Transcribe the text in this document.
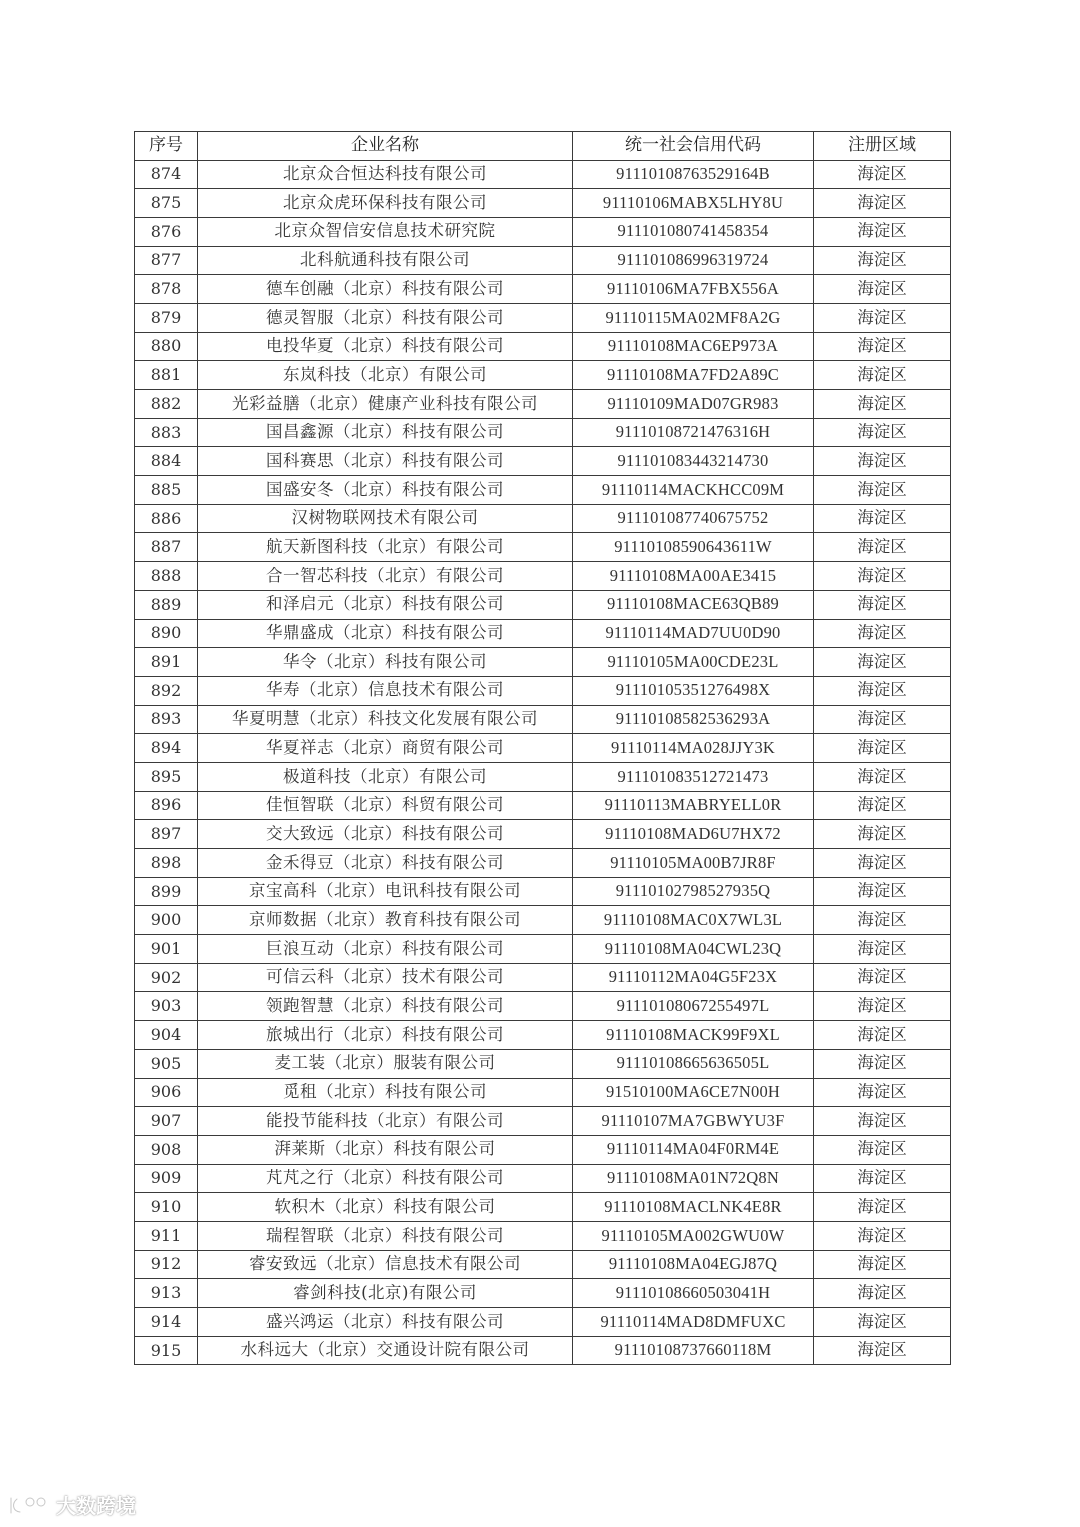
序号	企业名称	统一社会信用代码	注册区域
874	北京众合恒达科技有限公司	91110108763529164B	海淀区
875	北京众虎环保科技有限公司	91110106MABX5LHY8U	海淀区
876	北京众智信安信息技术研究院	911101080741458354	海淀区
877	北科航通科技有限公司	911101086996319724	海淀区
878	德车创融（北京）科技有限公司	91110106MA7FBX556A	海淀区
879	德灵智服（北京）科技有限公司	91110115MA02MF8A2G	海淀区
880	电投华夏（北京）科技有限公司	91110108MAC6EP973A	海淀区
881	东岚科技（北京）有限公司	91110108MA7FD2A89C	海淀区
882	光彩益膳（北京）健康产业科技有限公司	91110109MAD07GR983	海淀区
883	国昌鑫源（北京）科技有限公司	91110108721476316H	海淀区
884	国科赛思（北京）科技有限公司	911101083443214730	海淀区
885	国盛安冬（北京）科技有限公司	91110114MACKHCC09M	海淀区
886	汉树物联网技术有限公司	911101087740675752	海淀区
887	航天新图科技（北京）有限公司	91110108590643611W	海淀区
888	合一智芯科技（北京）有限公司	91110108MA00AE3415	海淀区
889	和泽启元（北京）科技有限公司	91110108MACE63QB89	海淀区
890	华鼎盛成（北京）科技有限公司	91110114MAD7UU0D90	海淀区
891	华令（北京）科技有限公司	91110105MA00CDE23L	海淀区
892	华寿（北京）信息技术有限公司	91110105351276498X	海淀区
893	华夏明慧（北京）科技文化发展有限公司	91110108582536293A	海淀区
894	华夏祥志（北京）商贸有限公司	91110114MA028JJY3K	海淀区
895	极道科技（北京）有限公司	911101083512721473	海淀区
896	佳恒智联（北京）科贸有限公司	91110113MABRYELL0R	海淀区
897	交大致远（北京）科技有限公司	91110108MAD6U7HX72	海淀区
898	金禾得豆（北京）科技有限公司	91110105MA00B7JR8F	海淀区
899	京宝高科（北京）电讯科技有限公司	91110102798527935Q	海淀区
900	京师数据（北京）教育科技有限公司	91110108MAC0X7WL3L	海淀区
901	巨浪互动（北京）科技有限公司	91110108MA04CWL23Q	海淀区
902	可信云科（北京）技术有限公司	91110112MA04G5F23X	海淀区
903	领跑智慧（北京）科技有限公司	91110108067255497L	海淀区
904	旅城出行（北京）科技有限公司	91110108MACK99F9XL	海淀区
905	麦工装（北京）服装有限公司	91110108665636505L	海淀区
906	觅租（北京）科技有限公司	91510100MA6CE7N00H	海淀区
907	能投节能科技（北京）有限公司	91110107MA7GBWYU3F	海淀区
908	湃莱斯（北京）科技有限公司	91110114MA04F0RM4E	海淀区
909	芃芃之行（北京）科技有限公司	91110108MA01N72Q8N	海淀区
910	软积木（北京）科技有限公司	91110108MACLNK4E8R	海淀区
911	瑞程智联（北京）科技有限公司	91110105MA002GWU0W	海淀区
912	睿安致远（北京）信息技术有限公司	91110108MA04EGJ87Q	海淀区
913	睿剑科技(北京)有限公司	91110108660503041H	海淀区
914	盛兴鸿运（北京）科技有限公司	91110114MAD8DMFUXC	海淀区
915	水科远大（北京）交通设计院有限公司	91110108737660118M	海淀区
大数跨境
